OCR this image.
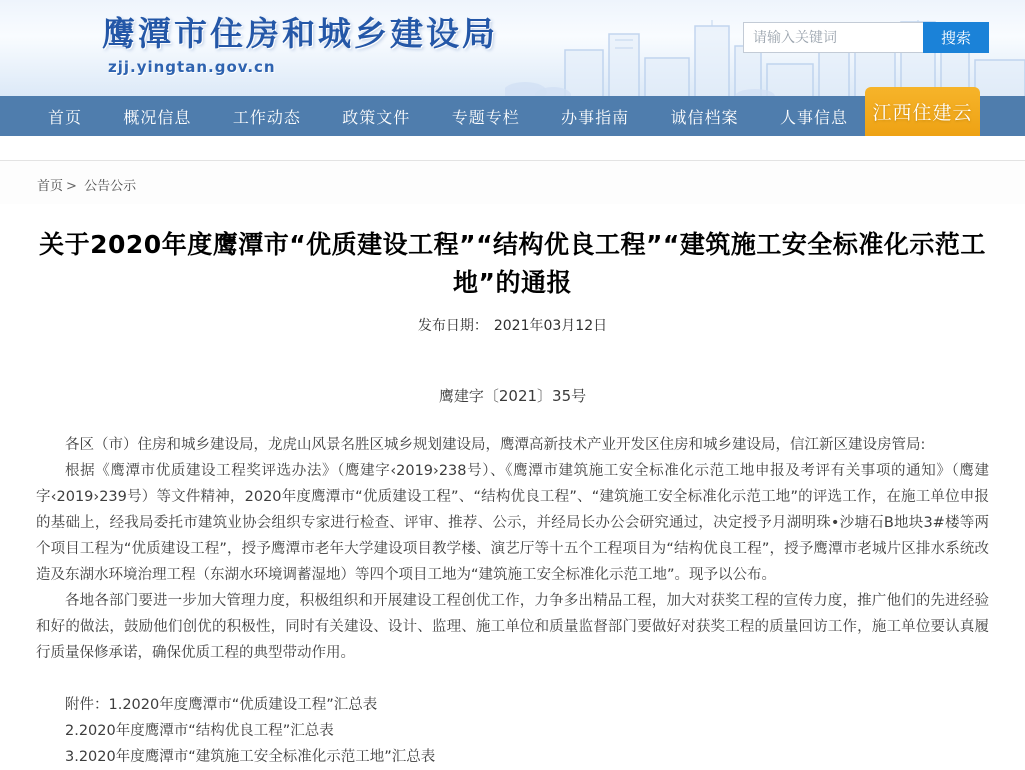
鹰潭市住房和城乡建设局
zjj.yingtan.gov.cn
请输入关键词
搜索
首页	概况信息	工作动态	政策文件	专题专栏	办事指南	诚信档案	人事信息	江西住建云
首页 > 公告公示
关于2020年度鹰潭市“优质建设工程”“结构优良工程”“建筑施工安全标准化示范工地”的通报
发布日期： 2021年03月12日
鹰建字〔2021〕35号

各区（市）住房和城乡建设局，龙虎山风景名胜区城乡规划建设局，鹰潭高新技术产业开发区住房和城乡建设局，信江新区建设房管局:

根据《鹰潭市优质建设工程奖评选办法》（鹰建字‹2019›238号）、《鹰潭市建筑施工安全标准化示范工地申报及考评有关事项的通知》（鹰建字‹2019›239号）等文件精神，2020年度鹰潭市“优质建设工程”、“结构优良工程”、“建筑施工安全标准化示范工地”的评选工作，在施工单位申报的基础上，经我局委托市建筑业协会组织专家进行检查、评审、推荐、公示，并经局长办公会研究通过，决定授予月湖明珠•沙塘石B地块3#楼等两个项目工程为“优质建设工程”，授予鹰潭市老年大学建设项目教学楼、演艺厅等十五个工程项目为“结构优良工程”，授予鹰潭市老城片区排水系统改造及东湖水环境治理工程（东湖水环境调蓄湿地）等四个项目工地为“建筑施工安全标准化示范工地”。现予以公布。

各地各部门要进一步加大管理力度，积极组织和开展建设工程创优工作，力争多出精品工程，加大对获奖工程的宣传力度，推广他们的先进经验和好的做法，鼓励他们创优的积极性，同时有关建设、设计、监理、施工单位和质量监督部门要做好对获奖工程的质量回访工作，施工单位要认真履行质量保修承诺，确保优质工程的典型带动作用。

附件：1.2020年度鹰潭市“优质建设工程”汇总表

2.2020年度鹰潭市“结构优良工程”汇总表

3.2020年度鹰潭市“建筑施工安全标准化示范工地”汇总表
